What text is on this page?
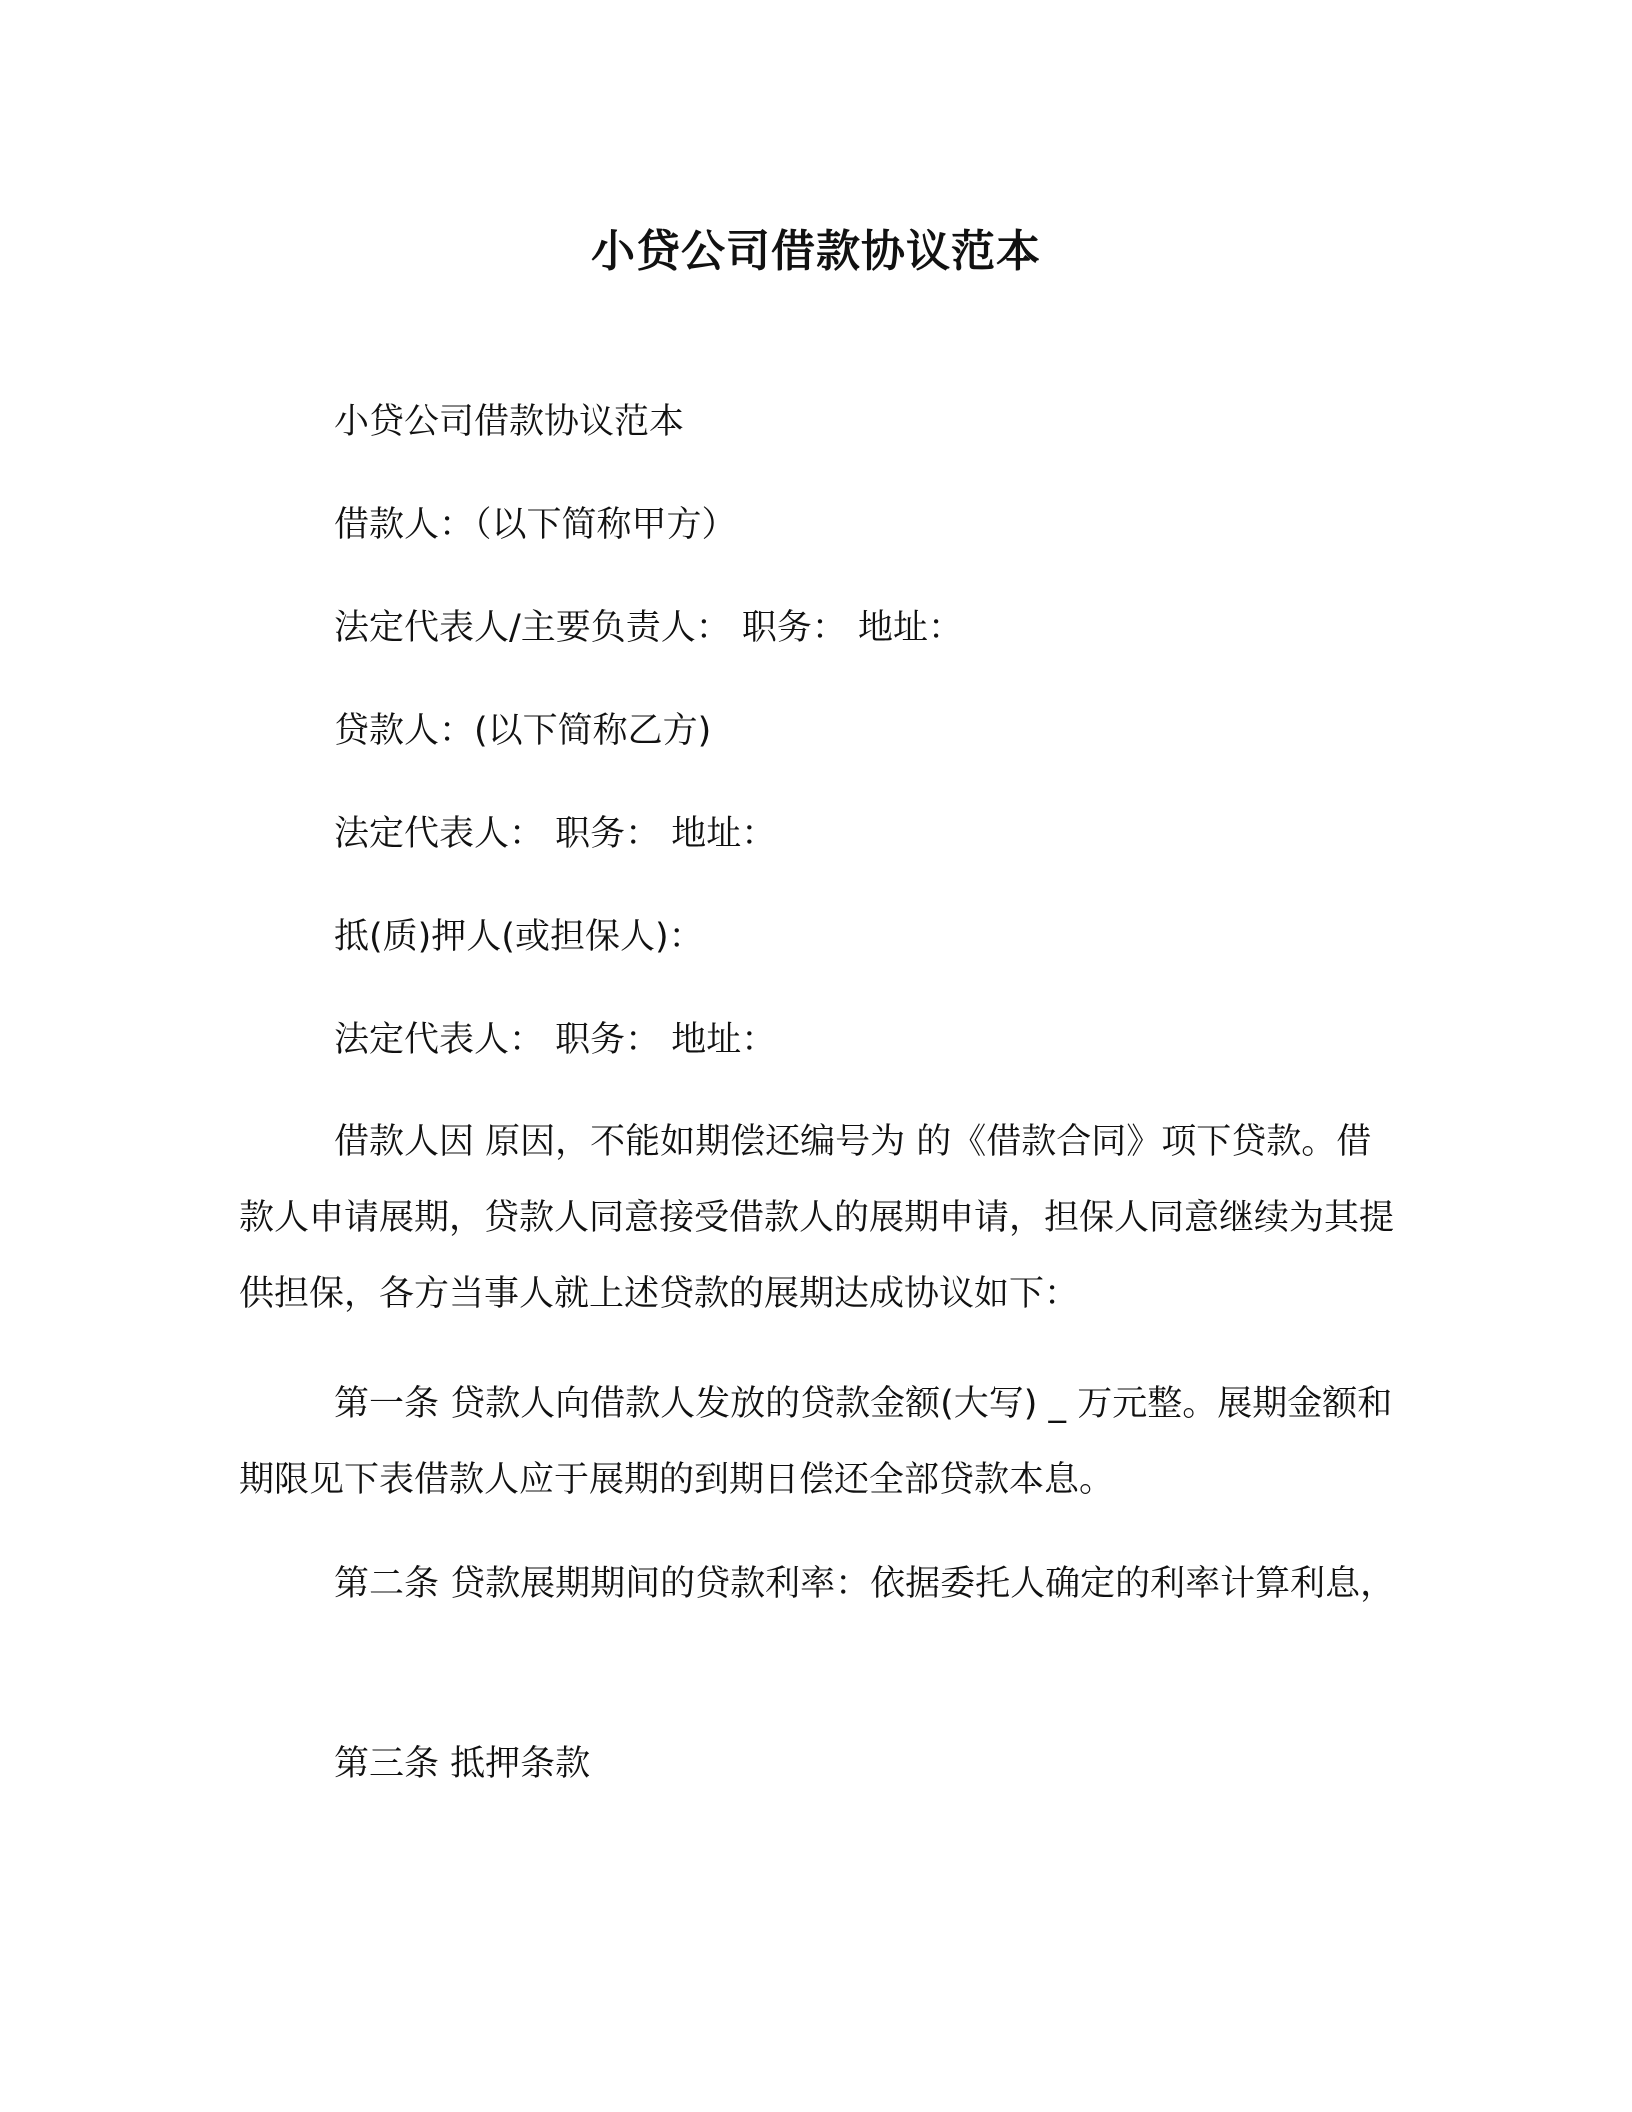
小贷公司借款协议范本
小贷公司借款协议范本
借款人：（以下简称甲方）
法定代表人/主要负责人： 职务： 地址：
贷款人：(以下简称乙方)
法定代表人： 职务： 地址：
抵(质)押人(或担保人)：
法定代表人： 职务： 地址：
借款人因 原因，不能如期偿还编号为 的《借款合同》项下贷款。借款人申请展期，贷款人同意接受借款人的展期申请，担保人同意继续为其提供担保，各方当事人就上述贷款的展期达成协议如下：
第一条 贷款人向借款人发放的贷款金额(大写) _ 万元整。展期金额和期限见下表借款人应于展期的到期日偿还全部贷款本息。
第二条 贷款展期期间的贷款利率：依据委托人确定的利率计算利息，
第三条 抵押条款
